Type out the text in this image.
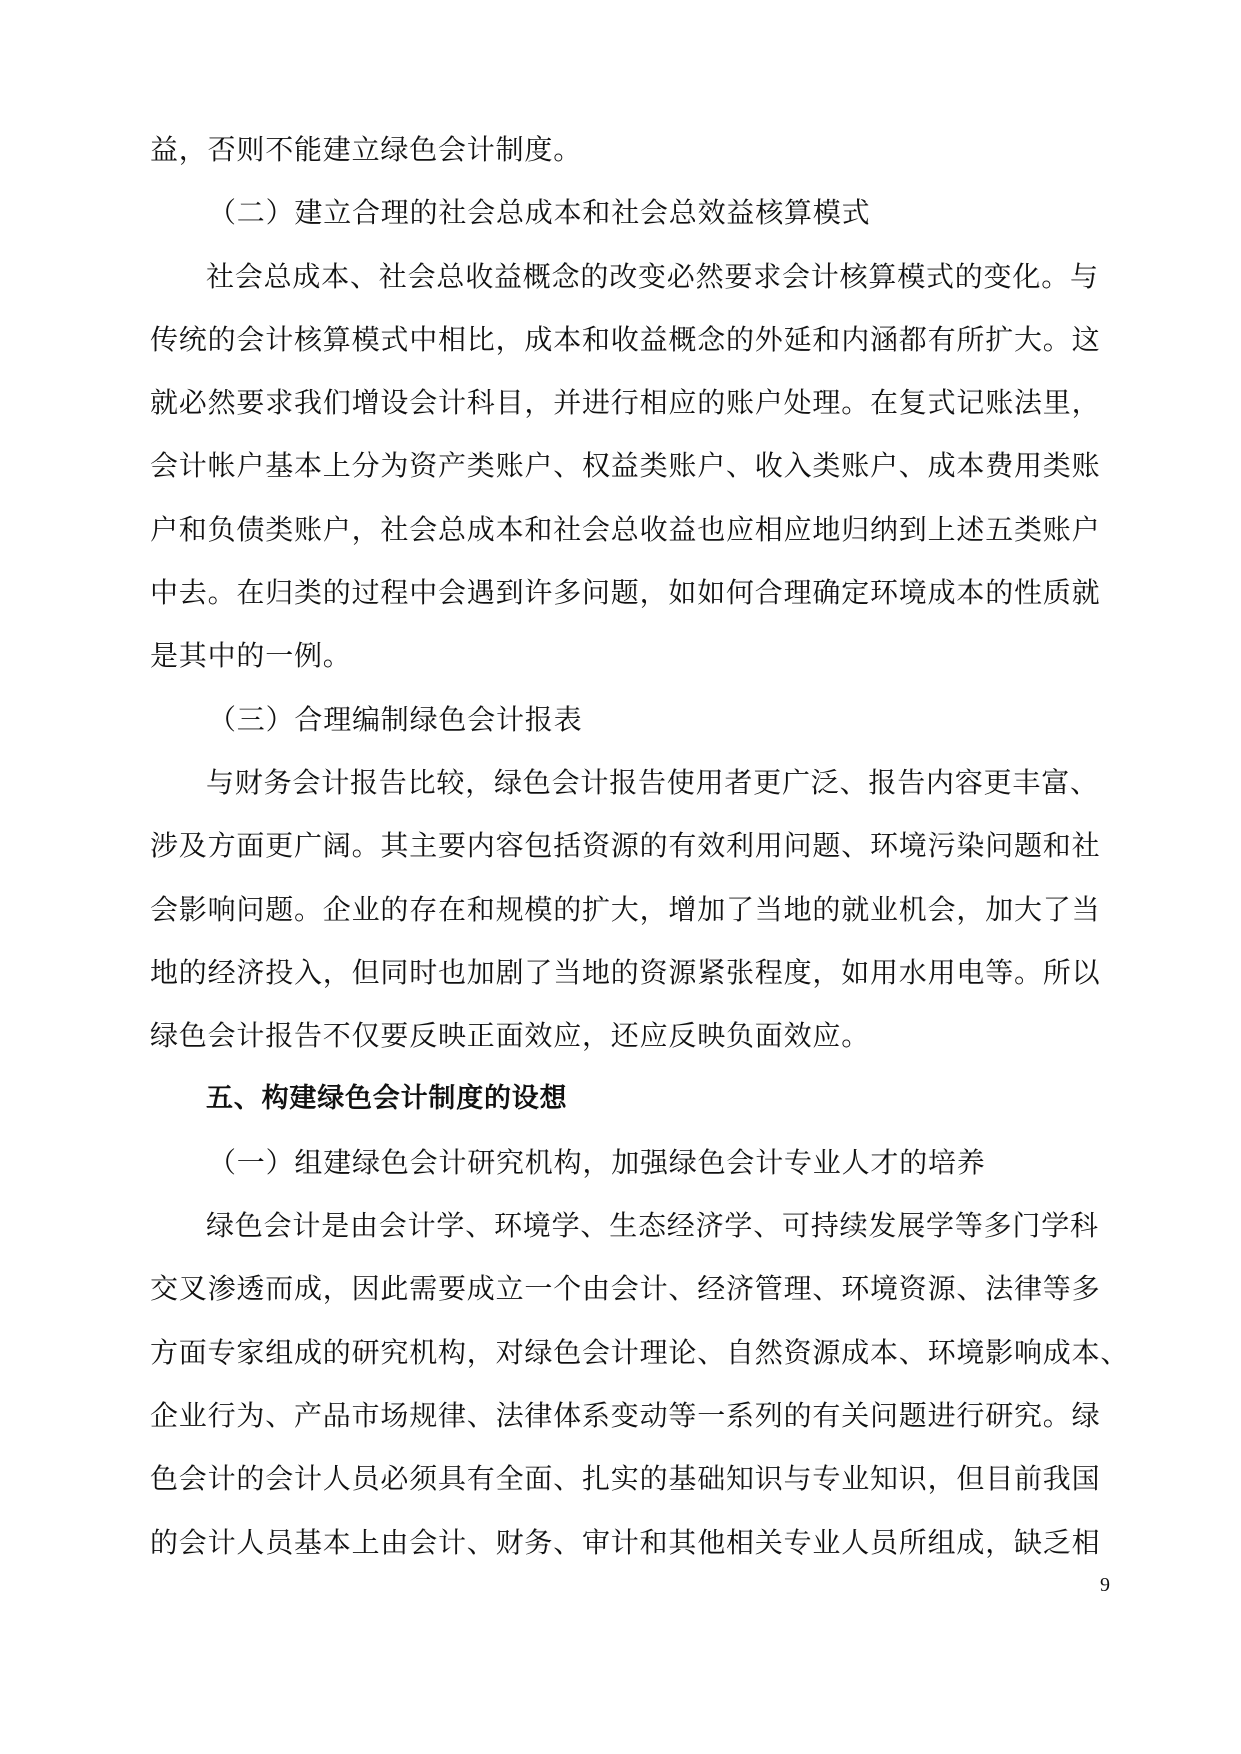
益，否则不能建立绿色会计制度。
（二）建立合理的社会总成本和社会总效益核算模式
社会总成本、社会总收益概念的改变必然要求会计核算模式的变化。与
传统的会计核算模式中相比，成本和收益概念的外延和内涵都有所扩大。这
就必然要求我们增设会计科目，并进行相应的账户处理。在复式记账法里，
会计帐户基本上分为资产类账户、权益类账户、收入类账户、成本费用类账
户和负债类账户，社会总成本和社会总收益也应相应地归纳到上述五类账户
中去。在归类的过程中会遇到许多问题，如如何合理确定环境成本的性质就
是其中的一例。
（三）合理编制绿色会计报表
与财务会计报告比较，绿色会计报告使用者更广泛、报告内容更丰富、
涉及方面更广阔。其主要内容包括资源的有效利用问题、环境污染问题和社
会影响问题。企业的存在和规模的扩大，增加了当地的就业机会，加大了当
地的经济投入，但同时也加剧了当地的资源紧张程度，如用水用电等。所以
绿色会计报告不仅要反映正面效应，还应反映负面效应。
五、构建绿色会计制度的设想
（一）组建绿色会计研究机构，加强绿色会计专业人才的培养
绿色会计是由会计学、环境学、生态经济学、可持续发展学等多门学科
交叉渗透而成，因此需要成立一个由会计、经济管理、环境资源、法律等多
方面专家组成的研究机构，对绿色会计理论、自然资源成本、环境影响成本、
企业行为、产品市场规律、法律体系变动等一系列的有关问题进行研究。绿
色会计的会计人员必须具有全面、扎实的基础知识与专业知识，但目前我国
的会计人员基本上由会计、财务、审计和其他相关专业人员所组成，缺乏相
9
